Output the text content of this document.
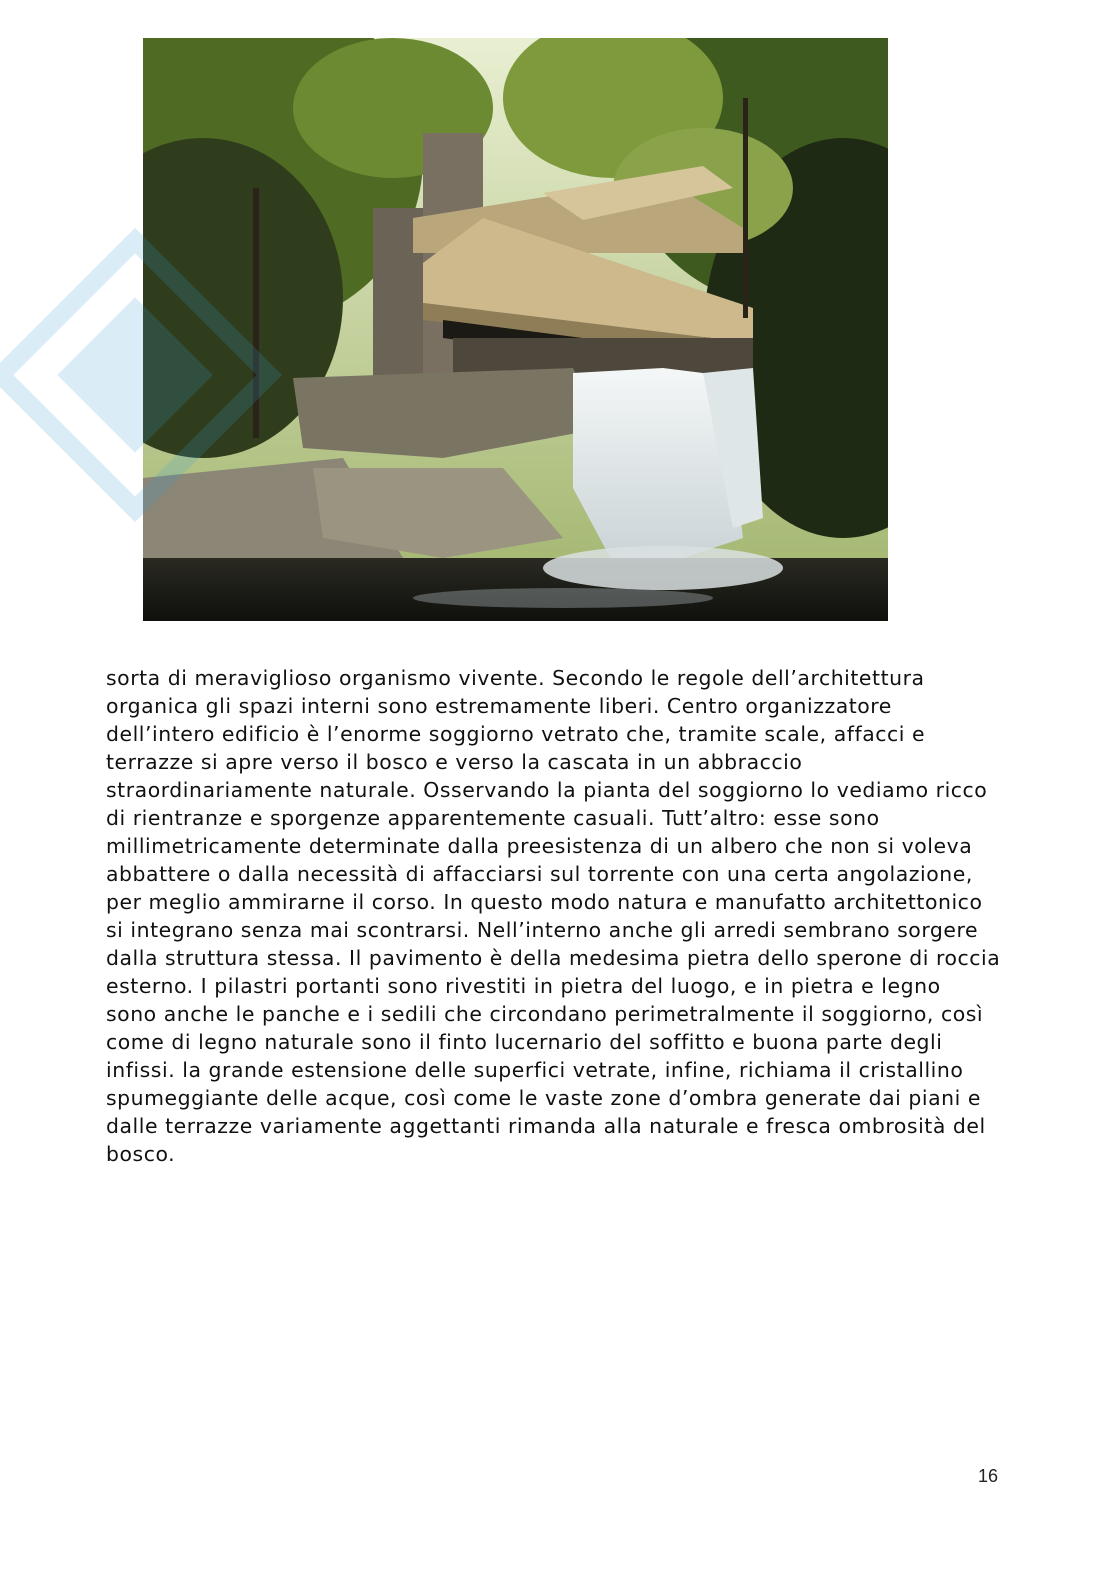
sorta di meraviglioso organismo vivente. Secondo le regole dell’architettura
organica gli spazi interni sono estremamente liberi. Centro organizzatore
dell’intero edificio è l’enorme soggiorno vetrato che, tramite scale, affacci e
terrazze si apre verso il bosco e verso la cascata in un abbraccio
straordinariamente naturale. Osservando la pianta del soggiorno lo vediamo ricco
di rientranze e sporgenze apparentemente casuali. Tutt’altro: esse sono
millimetricamente determinate dalla preesistenza di un albero che non si voleva
abbattere o dalla necessità di affacciarsi sul torrente con una certa angolazione,
per meglio ammirarne il corso. In questo modo natura e manufatto architettonico
si integrano senza mai scontrarsi. Nell’interno anche gli arredi sembrano sorgere
dalla struttura stessa. Il pavimento è della medesima pietra dello sperone di roccia
esterno. I pilastri portanti sono rivestiti in pietra del luogo, e in pietra e legno
sono anche le panche e i sedili che circondano perimetralmente il soggiorno, così
come di legno naturale sono il finto lucernario del soffitto e buona parte degli
infissi. la grande estensione delle superfici vetrate, infine, richiama il cristallino
spumeggiante delle acque, così come le vaste zone d’ombra generate dai piani e
dalle terrazze variamente aggettanti rimanda alla naturale e fresca ombrosità del
bosco.

16
